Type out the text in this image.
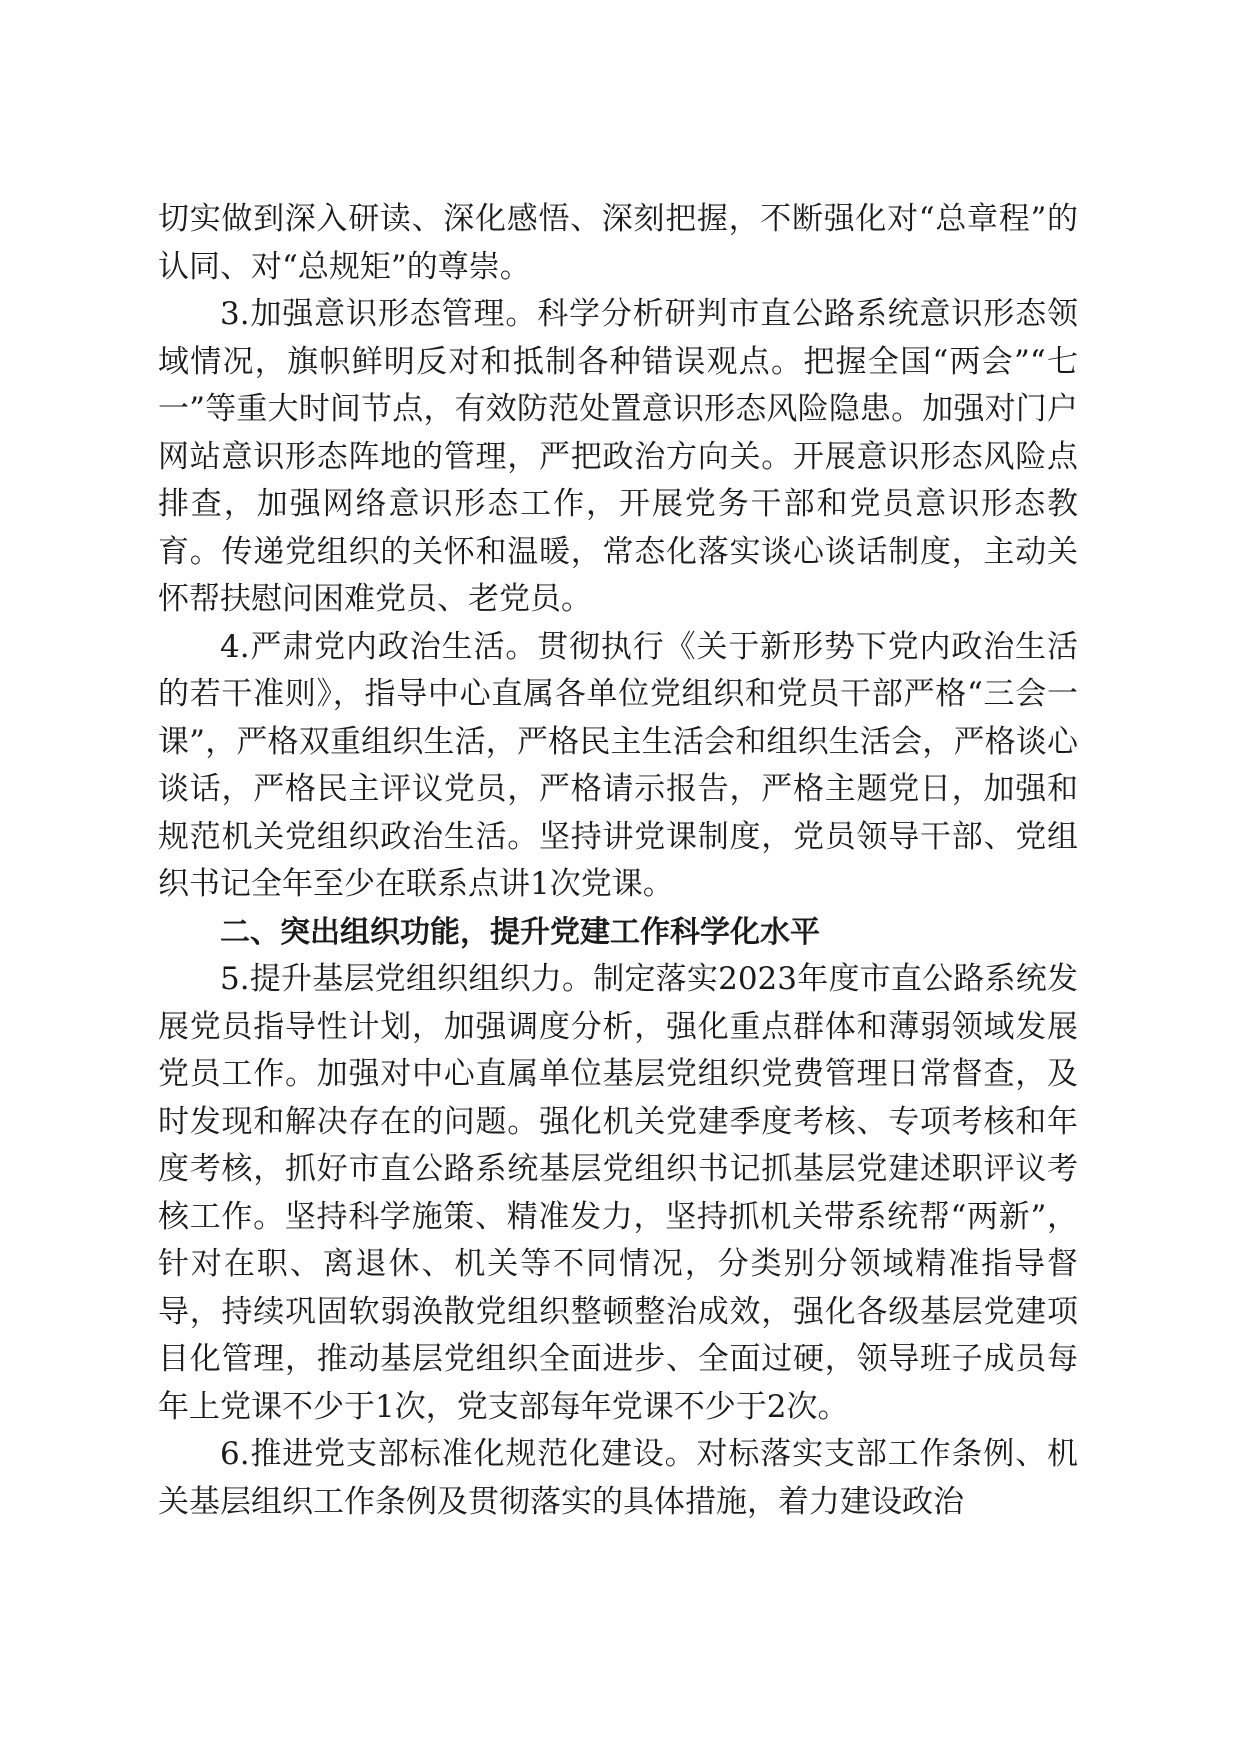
切实做到深入研读、深化感悟、深刻把握，不断强化对“总章程”的认同、对“总规矩”的尊崇。

3.加强意识形态管理。科学分析研判市直公路系统意识形态领域情况，旗帜鲜明反对和抵制各种错误观点。把握全国“两会”“七一”等重大时间节点，有效防范处置意识形态风险隐患。加强对门户网站意识形态阵地的管理，严把政治方向关。开展意识形态风险点排查，加强网络意识形态工作，开展党务干部和党员意识形态教育。传递党组织的关怀和温暖，常态化落实谈心谈话制度，主动关怀帮扶慰问困难党员、老党员。

4.严肃党内政治生活。贯彻执行《关于新形势下党内政治生活的若干准则》，指导中心直属各单位党组织和党员干部严格“三会一课”，严格双重组织生活，严格民主生活会和组织生活会，严格谈心谈话，严格民主评议党员，严格请示报告，严格主题党日，加强和规范机关党组织政治生活。坚持讲党课制度，党员领导干部、党组织书记全年至少在联系点讲1次党课。

二、突出组织功能，提升党建工作科学化水平

5.提升基层党组织组织力。制定落实2023年度市直公路系统发展党员指导性计划，加强调度分析，强化重点群体和薄弱领域发展党员工作。加强对中心直属单位基层党组织党费管理日常督查，及时发现和解决存在的问题。强化机关党建季度考核、专项考核和年度考核，抓好市直公路系统基层党组织书记抓基层党建述职评议考核工作。坚持科学施策、精准发力，坚持抓机关带系统帮“两新”，针对在职、离退休、机关等不同情况，分类别分领域精准指导督导，持续巩固软弱涣散党组织整顿整治成效，强化各级基层党建项目化管理，推动基层党组织全面进步、全面过硬，领导班子成员每年上党课不少于1次，党支部每年党课不少于2次。

6.推进党支部标准化规范化建设。对标落实支部工作条例、机关基层组织工作条例及贯彻落实的具体措施，着力建设政治
